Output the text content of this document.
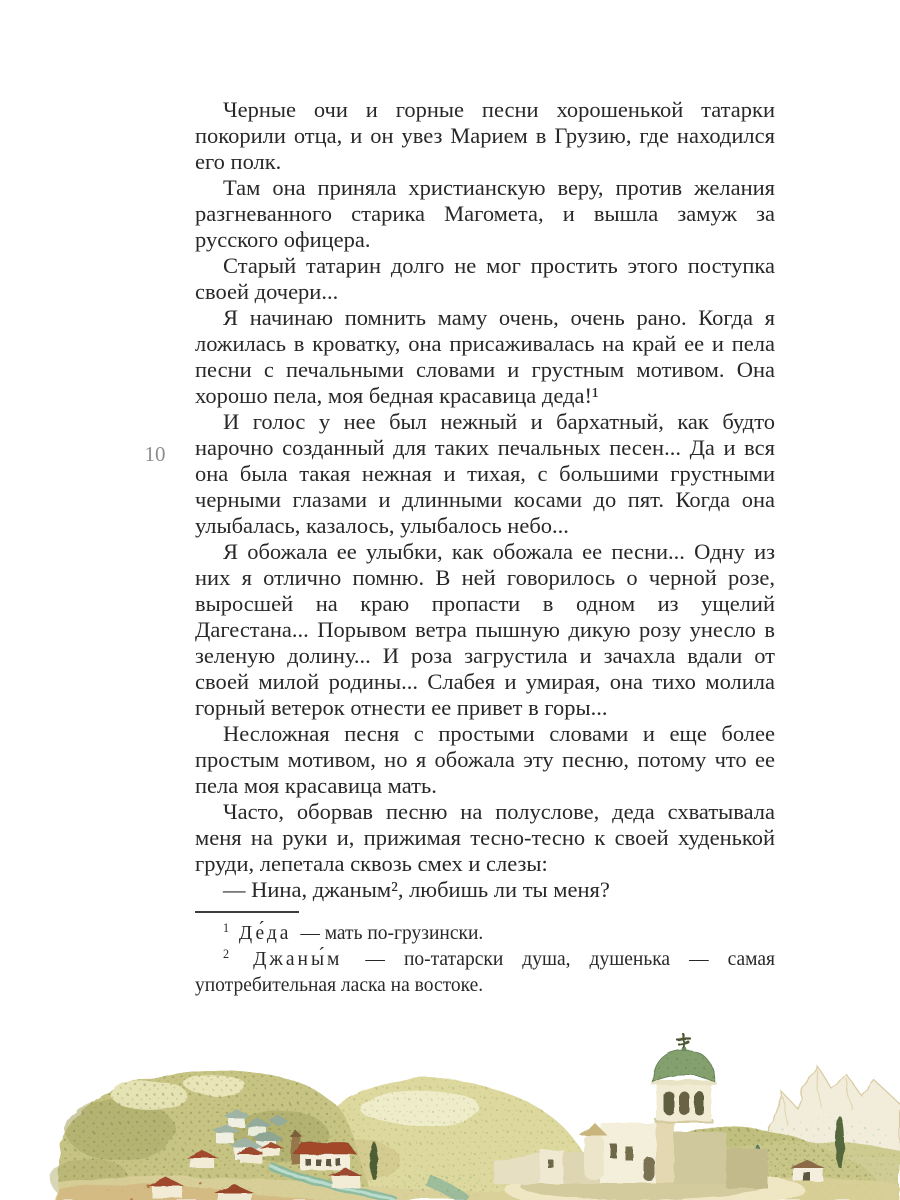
10

Черные очи и горные песни хорошенькой татарки покорили отца, и он увез Марием в Грузию, где находился его полк.

Там она приняла христианскую веру, против желания разгневанного старика Магомета, и вышла замуж за русского офицера.

Старый татарин долго не мог простить этого поступка своей дочери...

Я начинаю помнить маму очень, очень рано. Когда я ложилась в кроватку, она присаживалась на край ее и пела песни с печальными словами и грустным мотивом. Она хорошо пела, моя бедная красавица деда!¹

И голос у нее был нежный и бархатный, как будто нарочно созданный для таких печальных песен... Да и вся она была такая нежная и тихая, с большими грустными черными глазами и длинными косами до пят. Когда она улыбалась, казалось, улыбалось небо...

Я обожала ее улыбки, как обожала ее песни... Одну из них я отлично помню. В ней говорилось о черной розе, выросшей на краю пропасти в одном из ущелий Дагестана... Порывом ветра пышную дикую розу унесло в зеленую долину... И роза загрустила и зачахла вдали от своей милой родины... Слабея и умирая, она тихо молила горный ветерок отнести ее привет в горы...

Несложная песня с простыми словами и еще более простым мотивом, но я обожала эту песню, потому что ее пела моя красавица мать.

Часто, оборвав песню на полуслове, деда схватывала меня на руки и, прижимая тесно-тесно к своей худенькой груди, лепетала сквозь смех и слезы:

— Нина, джаным², любишь ли ты меня?

$^1$ Де́да — мать по-грузински.

$^2$ Джаны́м — по-татарски душа, душенька — самая употребительная ласка на востоке.
